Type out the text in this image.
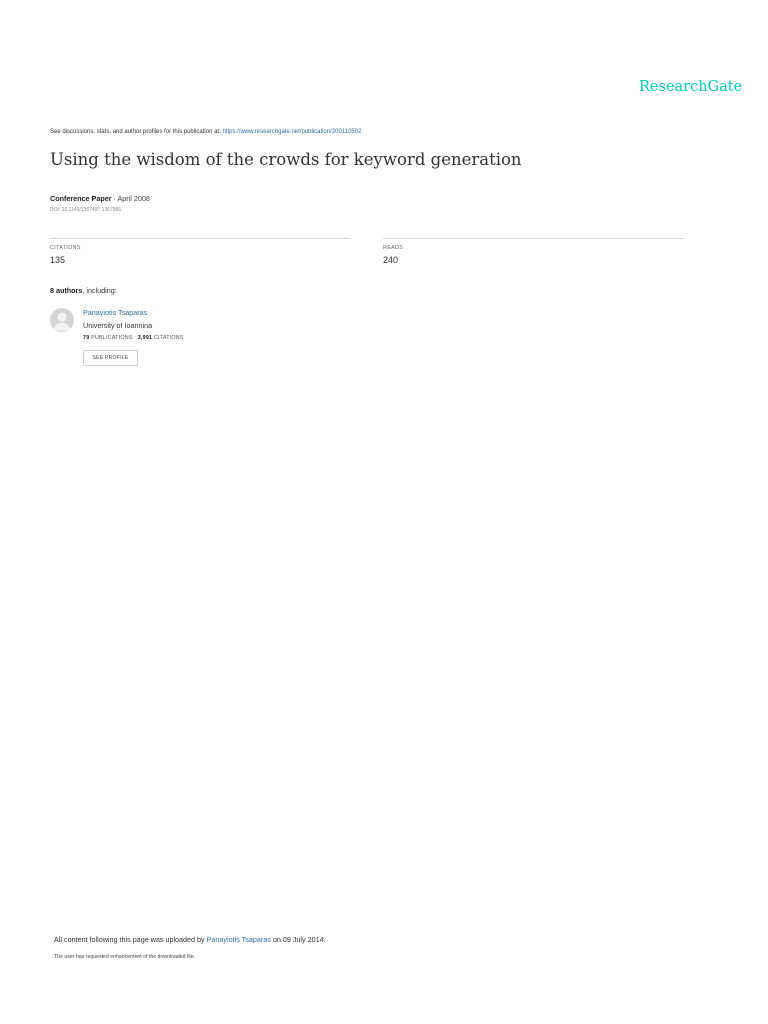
ResearchGate
See discussions, stats, and author profiles for this publication at: https://www.researchgate.net/publication/200110502
Using the wisdom of the crowds for keyword generation
Conference Paper · April 2008
DOI: 10.1145/1367497.1367566
CITATIONS
135
READS
240
8 authors, including:
Panayiotis Tsaparas
University of Ioannina
79 PUBLICATIONS 3,991 CITATIONS
SEE PROFILE
All content following this page was uploaded by Panayiotis Tsaparas on 09 July 2014.
The user has requested enhancement of the downloaded file.
